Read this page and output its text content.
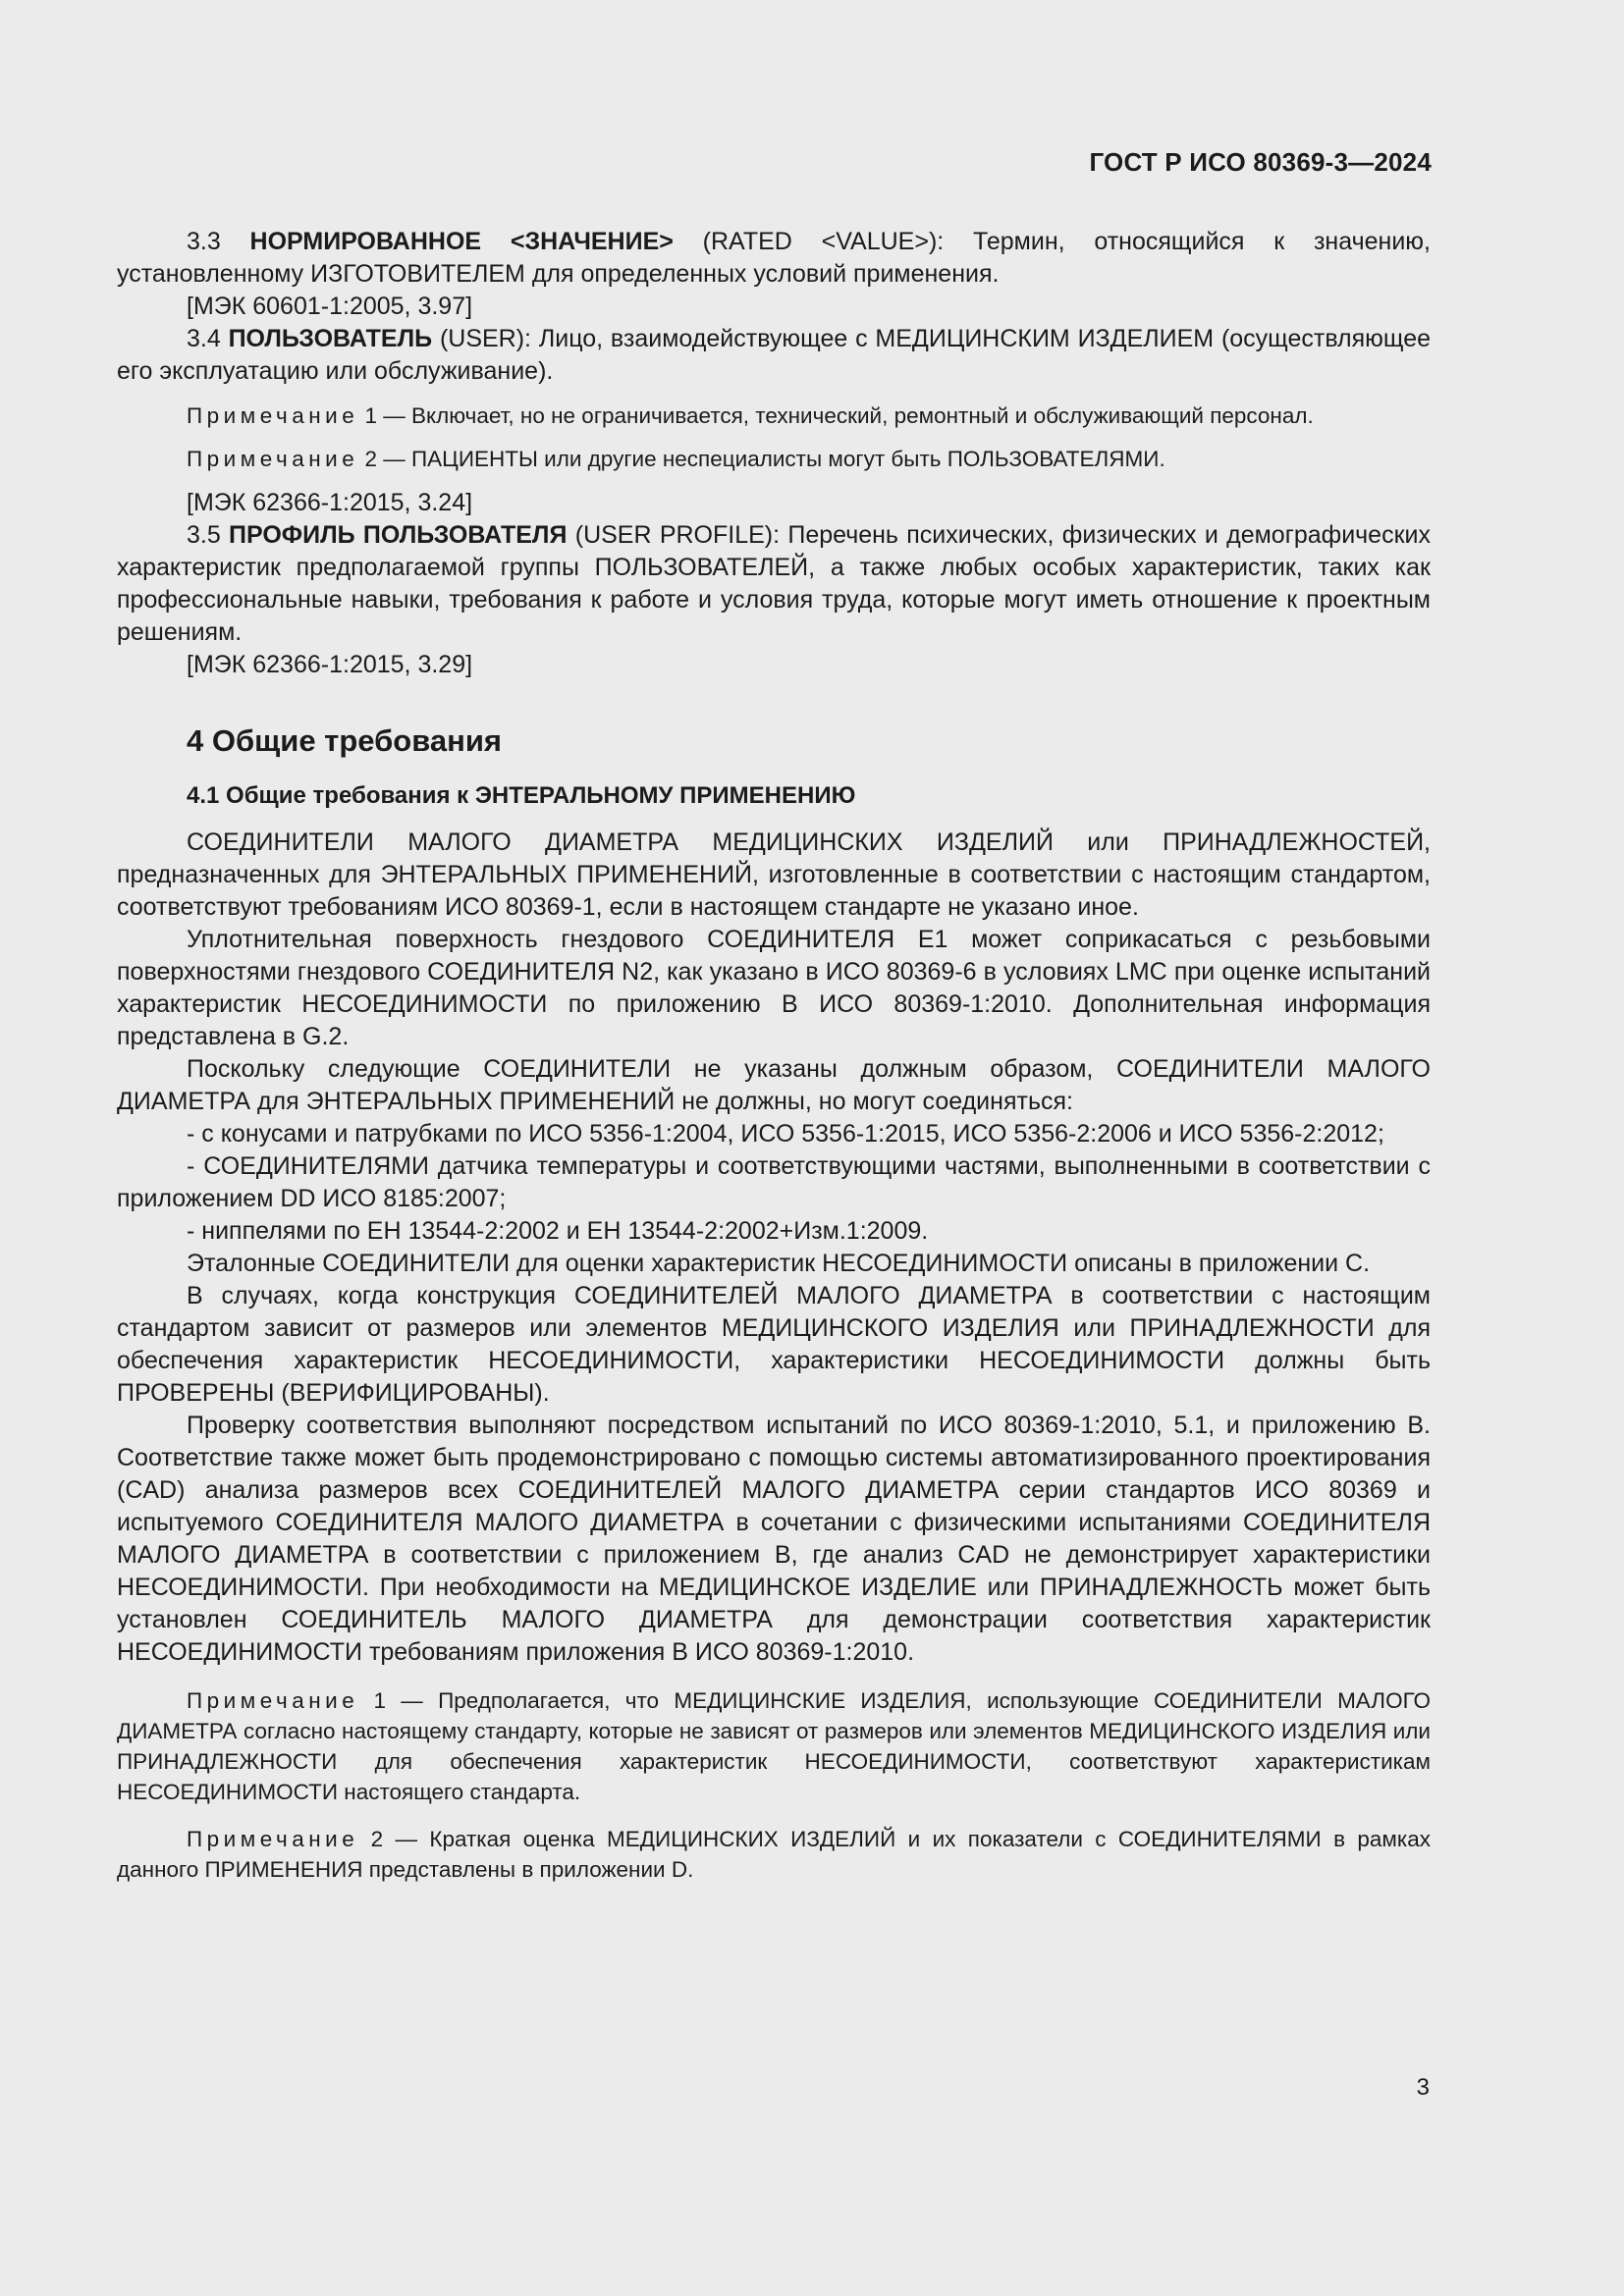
ГОСТ Р ИСО 80369-3—2024

3.3 НОРМИРОВАННОЕ <ЗНАЧЕНИЕ> (RATED <VALUE>): Термин, относящийся к значению, установленному ИЗГОТОВИТЕЛЕМ для определенных условий применения.

[МЭК 60601-1:2005, 3.97]

3.4 ПОЛЬЗОВАТЕЛЬ (USER): Лицо, взаимодействующее с МЕДИЦИНСКИМ ИЗДЕЛИЕМ (осуществляющее его эксплуатацию или обслуживание).

Примечание 1 — Включает, но не ограничивается, технический, ремонтный и обслуживающий персонал.
Примечание 2 — ПАЦИЕНТЫ или другие неспециалисты могут быть ПОЛЬЗОВАТЕЛЯМИ.

[МЭК 62366-1:2015, 3.24]

3.5 ПРОФИЛЬ ПОЛЬЗОВАТЕЛЯ (USER PROFILE): Перечень психических, физических и демографических характеристик предполагаемой группы ПОЛЬЗОВАТЕЛЕЙ, а также любых особых характеристик, таких как профессиональные навыки, требования к работе и условия труда, которые могут иметь отношение к проектным решениям.

[МЭК 62366-1:2015, 3.29]

4 Общие требования
4.1 Общие требования к ЭНТЕРАЛЬНОМУ ПРИМЕНЕНИЮ

СОЕДИНИТЕЛИ МАЛОГО ДИАМЕТРА МЕДИЦИНСКИХ ИЗДЕЛИЙ или ПРИНАДЛЕЖНОСТЕЙ, предназначенных для ЭНТЕРАЛЬНЫХ ПРИМЕНЕНИЙ, изготовленные в соответствии с настоящим стандартом, соответствуют требованиям ИСО 80369-1, если в настоящем стандарте не указано иное.

Уплотнительная поверхность гнездового СОЕДИНИТЕЛЯ E1 может соприкасаться с резьбовыми поверхностями гнездового СОЕДИНИТЕЛЯ N2, как указано в ИСО 80369-6 в условиях LMC при оценке испытаний характеристик НЕСОЕДИНИМОСТИ по приложению B ИСО 80369-1:2010. Дополнительная информация представлена в G.2.

Поскольку следующие СОЕДИНИТЕЛИ не указаны должным образом, СОЕДИНИТЕЛИ МАЛОГО ДИАМЕТРА для ЭНТЕРАЛЬНЫХ ПРИМЕНЕНИЙ не должны, но могут соединяться:

- с конусами и патрубками по ИСО 5356-1:2004, ИСО 5356-1:2015, ИСО 5356-2:2006 и ИСО 5356-2:2012;

- СОЕДИНИТЕЛЯМИ датчика температуры и соответствующими частями, выполненными в соответствии с приложением DD ИСО 8185:2007;

- ниппелями по ЕН 13544-2:2002 и ЕН 13544-2:2002+Изм.1:2009.

Эталонные СОЕДИНИТЕЛИ для оценки характеристик НЕСОЕДИНИМОСТИ описаны в приложении C.

В случаях, когда конструкция СОЕДИНИТЕЛЕЙ МАЛОГО ДИАМЕТРА в соответствии с настоящим стандартом зависит от размеров или элементов МЕДИЦИНСКОГО ИЗДЕЛИЯ или ПРИНАДЛЕЖНОСТИ для обеспечения характеристик НЕСОЕДИНИМОСТИ, характеристики НЕСОЕДИНИМОСТИ должны быть ПРОВЕРЕНЫ (ВЕРИФИЦИРОВАНЫ).

Проверку соответствия выполняют посредством испытаний по ИСО 80369-1:2010, 5.1, и приложению B. Соответствие также может быть продемонстрировано с помощью системы автоматизированного проектирования (CAD) анализа размеров всех СОЕДИНИТЕЛЕЙ МАЛОГО ДИАМЕТРА серии стандартов ИСО 80369 и испытуемого СОЕДИНИТЕЛЯ МАЛОГО ДИАМЕТРА в сочетании с физическими испытаниями СОЕДИНИТЕЛЯ МАЛОГО ДИАМЕТРА в соответствии с приложением B, где анализ CAD не демонстрирует характеристики НЕСОЕДИНИМОСТИ. При необходимости на МЕДИЦИНСКОЕ ИЗДЕЛИЕ или ПРИНАДЛЕЖНОСТЬ может быть установлен СОЕДИНИТЕЛЬ МАЛОГО ДИАМЕТРА для демонстрации соответствия характеристик НЕСОЕДИНИМОСТИ требованиям приложения B ИСО 80369-1:2010.

Примечание 1 — Предполагается, что МЕДИЦИНСКИЕ ИЗДЕЛИЯ, использующие СОЕДИНИТЕЛИ МАЛОГО ДИАМЕТРА согласно настоящему стандарту, которые не зависят от размеров или элементов МЕДИЦИНСКОГО ИЗДЕЛИЯ или ПРИНАДЛЕЖНОСТИ для обеспечения характеристик НЕСОЕДИНИМОСТИ, соответствуют характеристикам НЕСОЕДИНИМОСТИ настоящего стандарта.
Примечание 2 — Краткая оценка МЕДИЦИНСКИХ ИЗДЕЛИЙ и их показатели с СОЕДИНИТЕЛЯМИ в рамках данного ПРИМЕНЕНИЯ представлены в приложении D.
3
